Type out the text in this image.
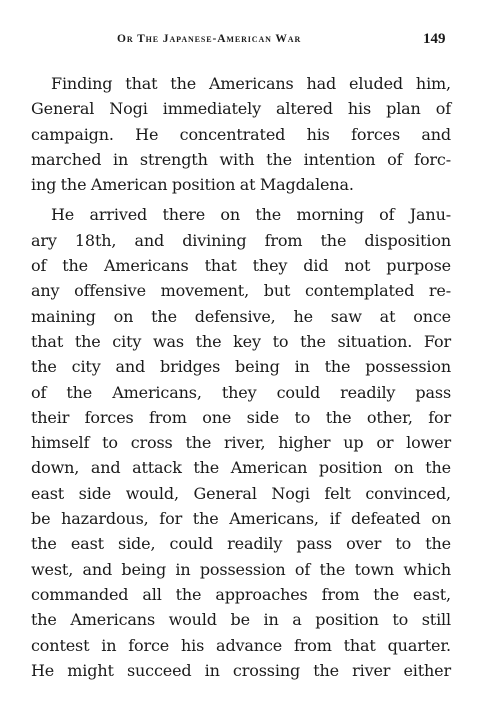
Or The Japanese-American War	149
Finding that the Americans had eluded him,
General Nogi immediately altered his plan of
campaign. He concentrated his forces and
marched in strength with the intention of forc-
ing the American position at Magdalena.
He arrived there on the morning of Janu-
ary 18th, and divining from the disposition
of the Americans that they did not purpose
any offensive movement, but contemplated re-
maining on the defensive, he saw at once
that the city was the key to the situation. For
the city and bridges being in the possession
of the Americans, they could readily pass
their forces from one side to the other, for
himself to cross the river, higher up or lower
down, and attack the American position on the
east side would, General Nogi felt convinced,
be hazardous, for the Americans, if defeated on
the east side, could readily pass over to the
west, and being in possession of the town which
commanded all the approaches from the east,
the Americans would be in a position to still
contest in force his advance from that quarter.
He might succeed in crossing the river either
